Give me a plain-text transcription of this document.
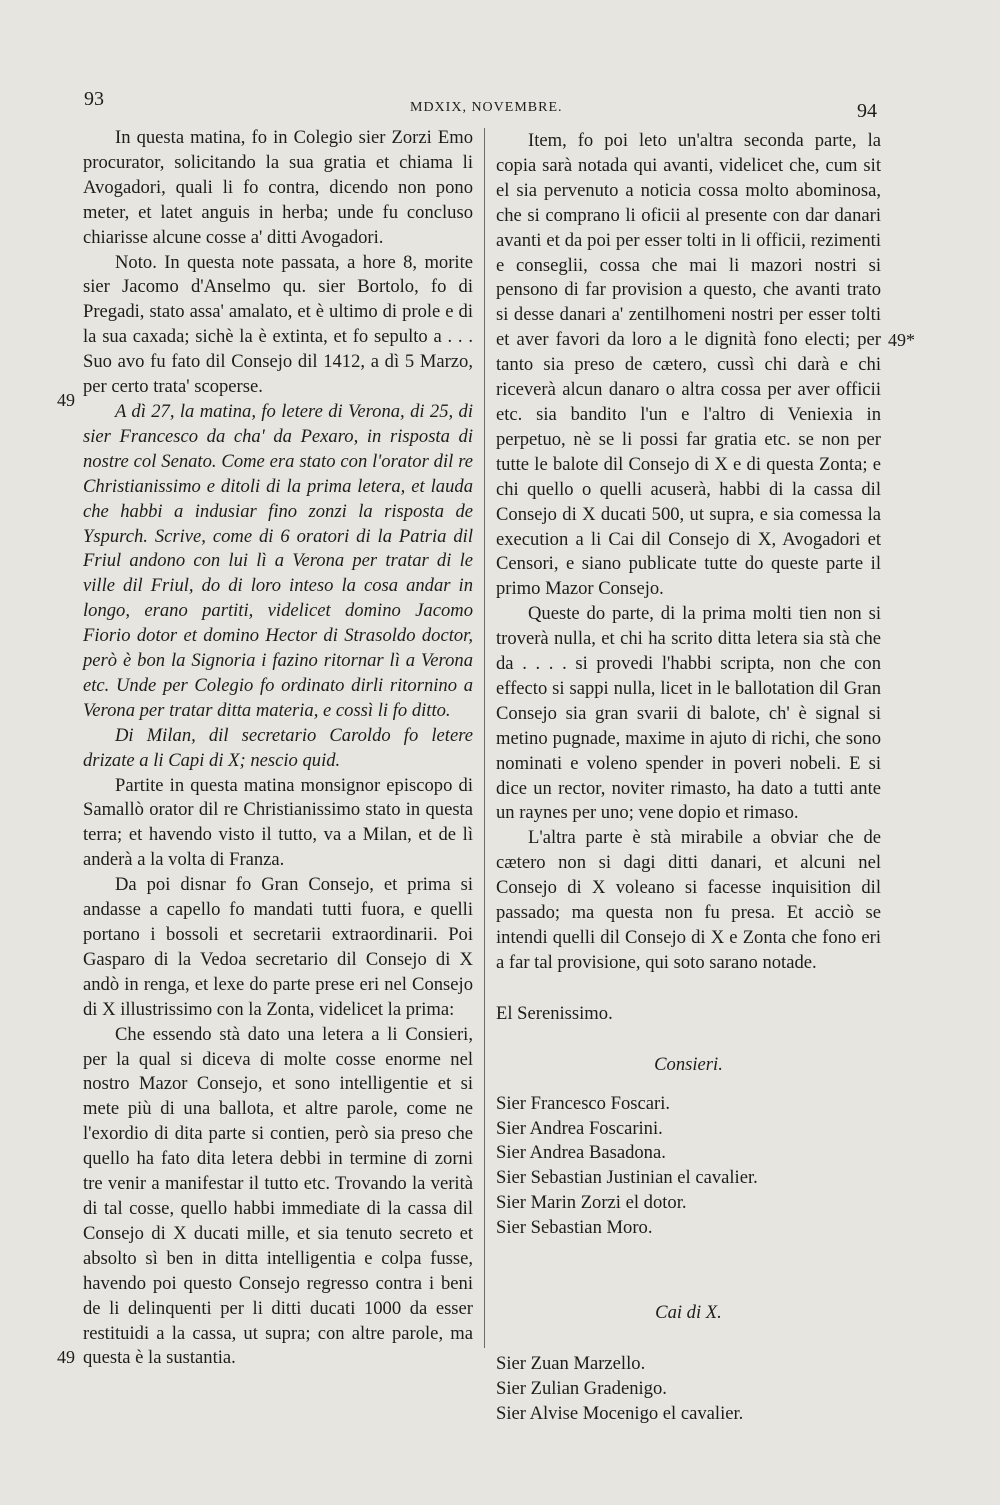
93	MDXIX, NOVEMBRE.	94
49
49*
49

In questa matina, fo in Colegio sier Zorzi Emo procurator, solicitando la sua gratia et chiama li Avogadori, quali li fo contra, dicendo non pono meter, et latet anguis in herba; unde fu concluso chiarisse alcune cosse a' ditti Avogadori.

Noto. In questa note passata, a hore 8, morite sier Jacomo d'Anselmo qu. sier Bortolo, fo di Pregadi, stato assa' amalato, et è ultimo di prole e di la sua caxada; sichè la è extinta, et fo sepulto a . . . Suo avo fu fato dil Consejo dil 1412, a dì 5 Marzo, per certo trata' scoperse.

A dì 27, la matina, fo letere di Verona, di 25, di sier Francesco da cha' da Pexaro, in risposta di nostre col Senato. Come era stato con l'orator dil re Christianissimo e ditoli di la prima letera, et lauda che habbi a indusiar fino zonzi la risposta de Yspurch. Scrive, come di 6 oratori di la Patria dil Friul andono con lui lì a Verona per tratar di le ville dil Friul, do di loro inteso la cosa andar in longo, erano partiti, videlicet domino Jacomo Fiorio dotor et domino Hector di Strasoldo doctor, però è bon la Signoria i fazino ritornar lì a Verona etc. Unde per Colegio fo ordinato dirli ritornino a Verona per tratar ditta materia, e cossì li fo ditto.

Di Milan, dil secretario Caroldo fo letere drizate a li Capi di X; nescio quid.

Partite in questa matina monsignor episcopo di Samallò orator dil re Christianissimo stato in questa terra; et havendo visto il tutto, va a Milan, et de lì anderà a la volta di Franza.

Da poi disnar fo Gran Consejo, et prima si andasse a capello fo mandati tutti fuora, e quelli portano i bossoli et secretarii extraordinarii. Poi Gasparo di la Vedoa secretario dil Consejo di X andò in renga, et lexe do parte prese eri nel Consejo di X illustrissimo con la Zonta, videlicet la prima:

Che essendo stà dato una letera a li Consieri, per la qual si diceva di molte cosse enorme nel nostro Mazor Consejo, et sono intelligentie et si mete più di una ballota, et altre parole, come ne l'exordio di dita parte si contien, però sia preso che quello ha fato dita letera debbi in termine di zorni tre venir a manifestar il tutto etc. Trovando la verità di tal cosse, quello habbi immediate di la cassa dil Consejo di X ducati mille, et sia tenuto secreto et absolto sì ben in ditta intelligentia e colpa fusse, havendo poi questo Consejo regresso contra i beni de li delinquenti per li ditti ducati 1000 da esser restituidi a la cassa, ut supra; con altre parole, ma questa è la sustantia.

Item, fo poi leto un'altra seconda parte, la copia sarà notada qui avanti, videlicet che, cum sit el sia pervenuto a noticia cossa molto abominosa, che si comprano li oficii al presente con dar danari avanti et da poi per esser tolti in li officii, rezimenti e conseglii, cossa che mai li mazori nostri si pensono di far provision a questo, che avanti trato si desse danari a' zentilhomeni nostri per esser tolti et aver favori da loro a le dignità fono electi; per tanto sia preso de cætero, cussì chi darà e chi riceverà alcun danaro o altra cossa per aver officii etc. sia bandito l'un e l'altro di Veniexia in perpetuo, nè se li possi far gratia etc. se non per tutte le balote dil Consejo di X e di questa Zonta; e chi quello o quelli acuserà, habbi di la cassa dil Consejo di X ducati 500, ut supra, e sia comessa la execution a li Cai dil Consejo di X, Avogadori et Censori, e siano publicate tutte do queste parte il primo Mazor Consejo.

Queste do parte, di la prima molti tien non si troverà nulla, et chi ha scrito ditta letera sia stà che da . . . . si provedi l'habbi scripta, non che con effecto si sappi nulla, licet in le ballotation dil Gran Consejo sia gran svarii di balote, ch' è signal si metino pugnade, maxime in ajuto di richi, che sono nominati e voleno spender in poveri nobeli. E si dice un rector, noviter rimasto, ha dato a tutti ante un raynes per uno; vene dopio et rimaso.

L'altra parte è stà mirabile a obviar che de cætero non si dagi ditti danari, et alcuni nel Consejo di X voleano si facesse inquisition dil passado; ma questa non fu presa. Et acciò se intendi quelli dil Consejo di X e Zonta che fono eri a far tal provisione, qui soto sarano notade.

El Serenissimo.

Consieri.

Sier Francesco Foscari.

Sier Andrea Foscarini.

Sier Andrea Basadona.

Sier Sebastian Justinian el cavalier.

Sier Marin Zorzi el dotor.

Sier Sebastian Moro.

Cai di X.

Sier Zuan Marzello.

Sier Zulian Gradenigo.

Sier Alvise Mocenigo el cavalier.
